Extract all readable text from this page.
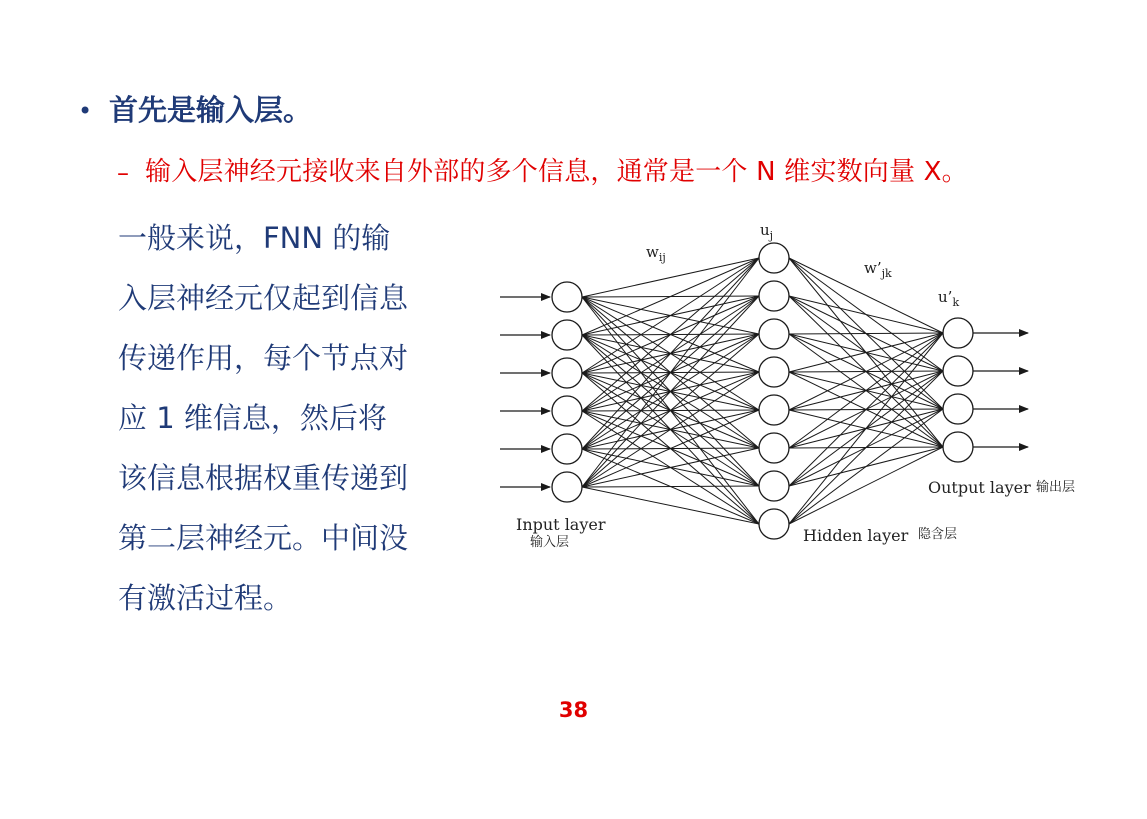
• 首先是输入层。
– 输入层神经元接收来自外部的多个信息，通常是一个 N 维实数向量 X。
一般来说，FNN 的输
入层神经元仅起到信息
传递作用，每个节点对
应 1 维信息，然后将
该信息根据权重传递到
第二层神经元。中间没
有激活过程。
$w_{ij}$
$u_j$
$w’_{jk}$
$u’_k$
Input layer
输入层	Hidden layer 隐含层
Output layer 输出层
38
